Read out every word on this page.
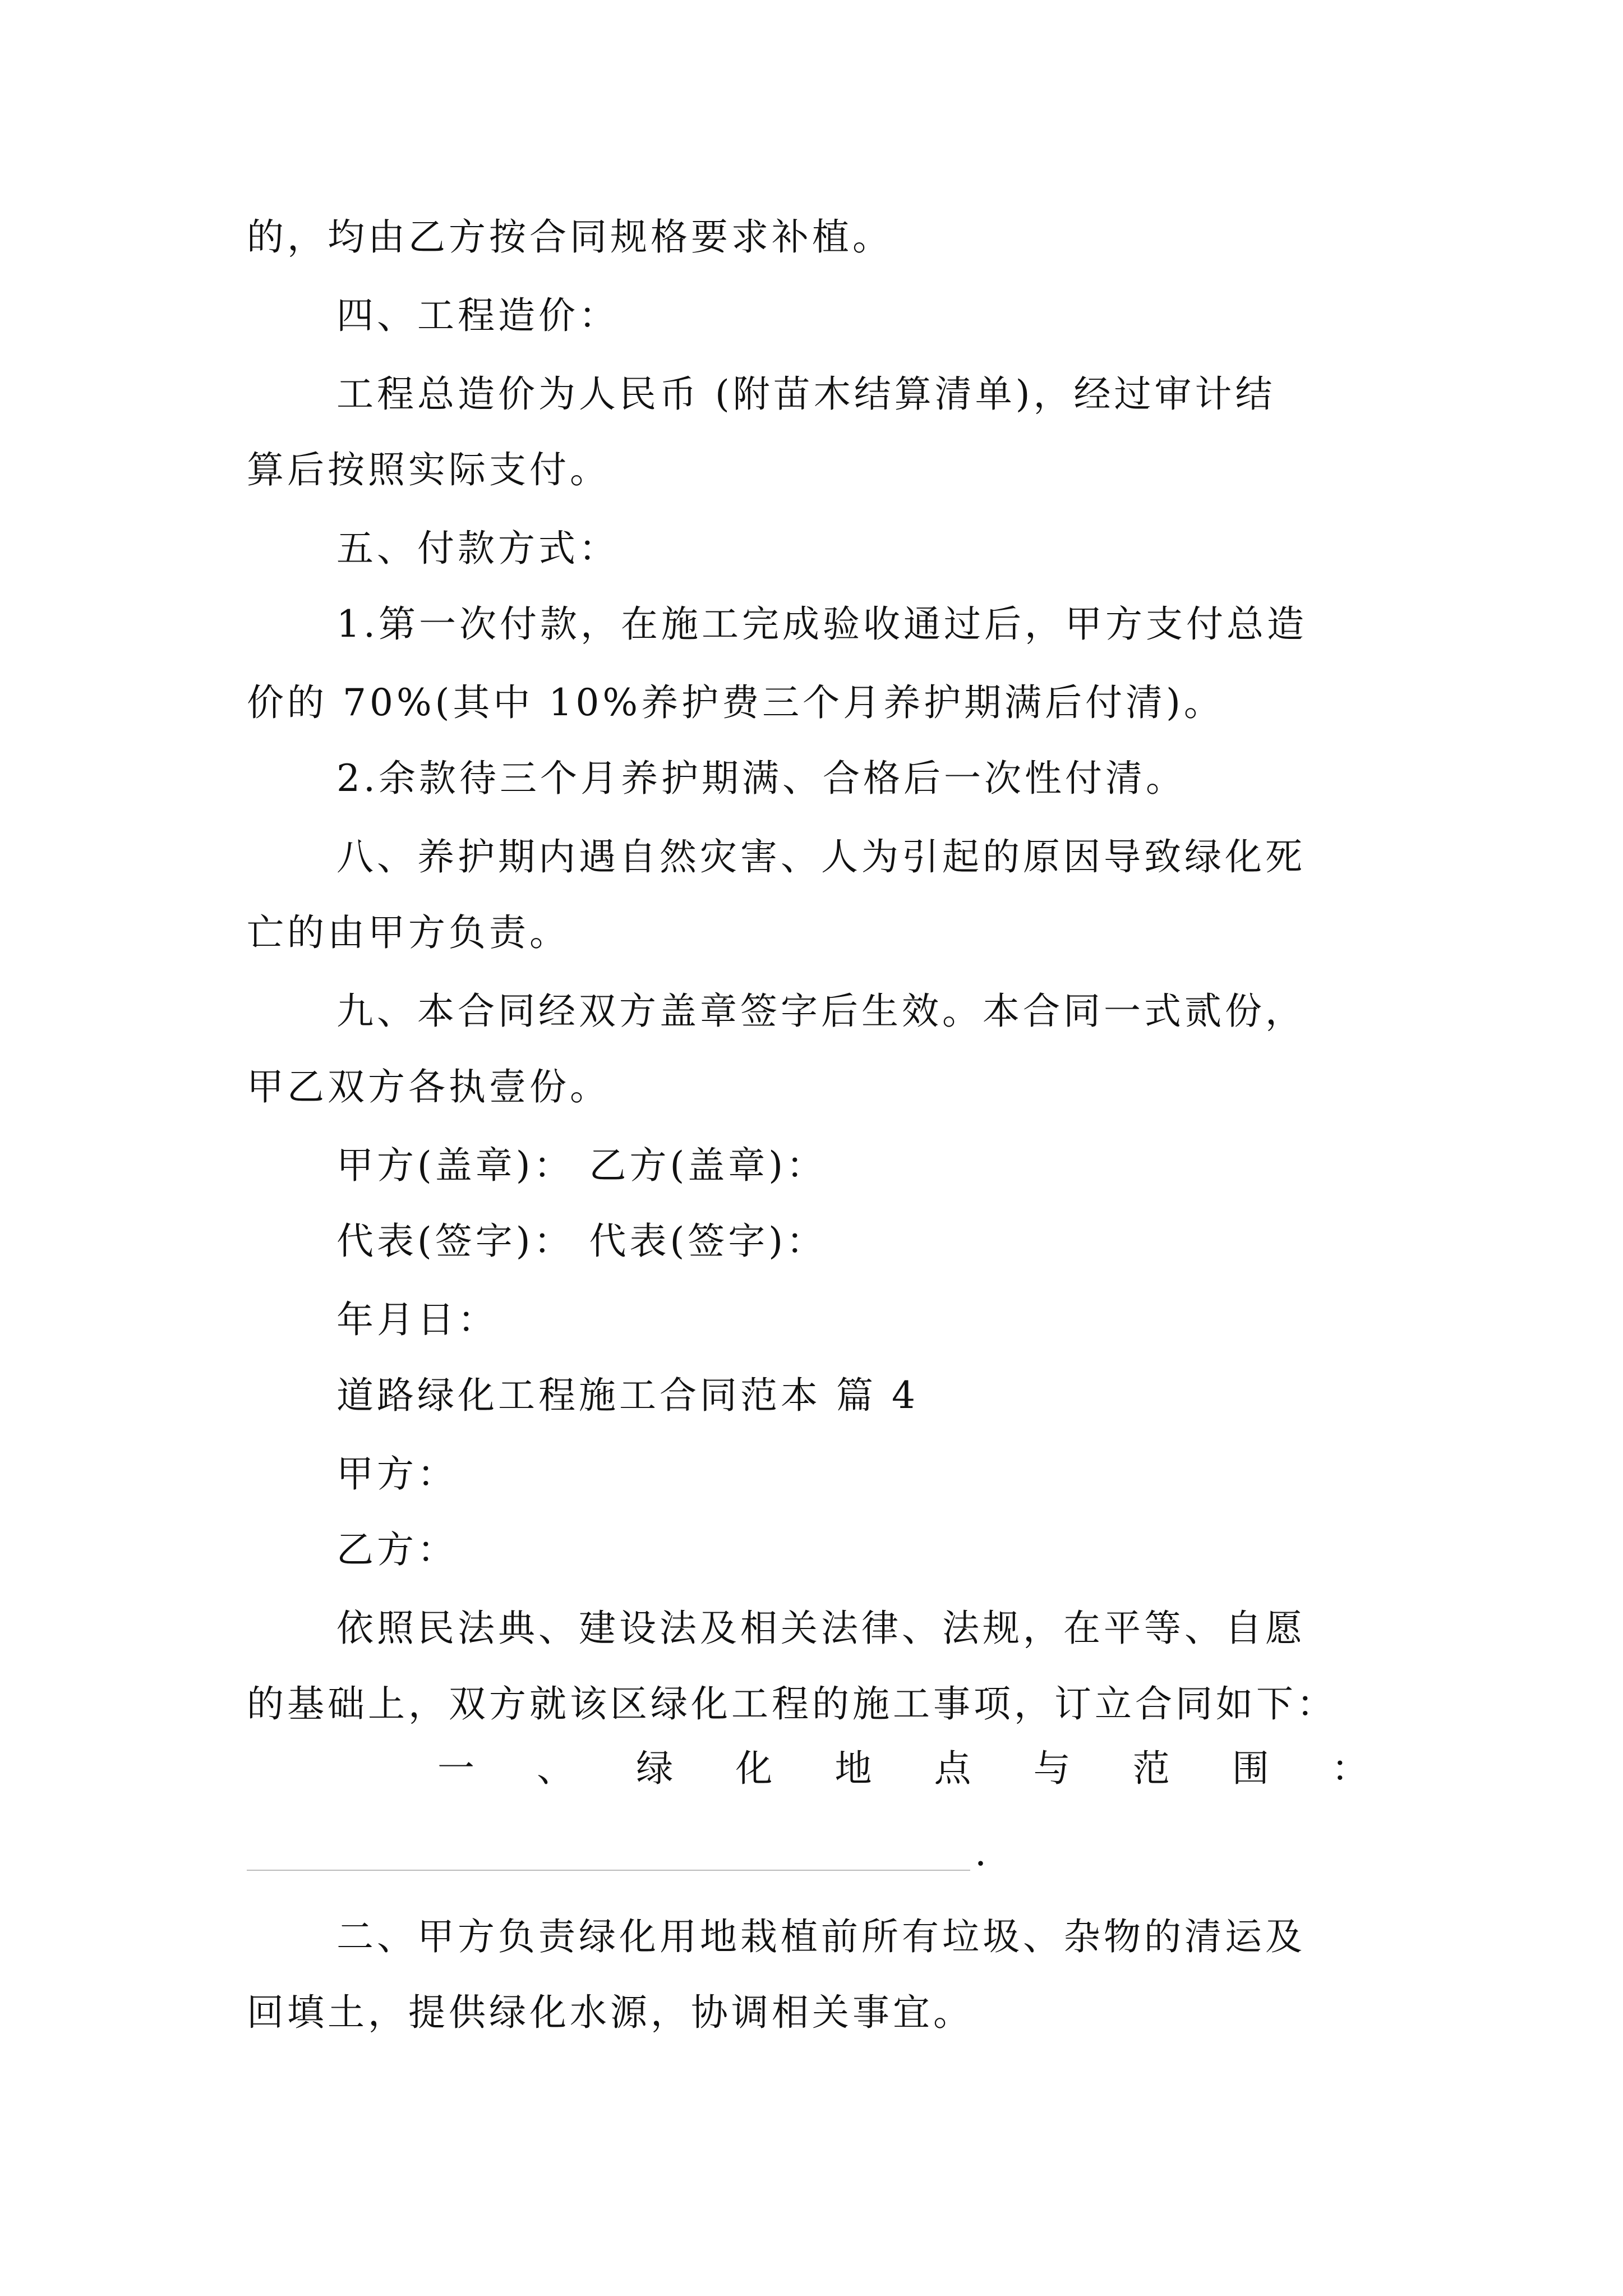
的，均由乙方按合同规格要求补植。
四、工程造价：
工程总造价为人民币 (附苗木结算清单)，经过审计结
算后按照实际支付。
五、付款方式：
1.第一次付款，在施工完成验收通过后，甲方支付总造
价的 70%(其中 10%养护费三个月养护期满后付清)。
2.余款待三个月养护期满、合格后一次性付清。
八、养护期内遇自然灾害、人为引起的原因导致绿化死
亡的由甲方负责。
九、本合同经双方盖章签字后生效。本合同一式贰份，
甲乙双方各执壹份。
甲方(盖章)： 乙方(盖章)：
代表(签字)： 代表(签字)：
年月日：
道路绿化工程施工合同范本 篇 4
甲方：
乙方：
依照民法典、建设法及相关法律、法规，在平等、自愿
的基础上，双方就该区绿化工程的施工事项，订立合同如下：
一 、 绿 化 地 点 与 范 围 ：
.
二、甲方负责绿化用地栽植前所有垃圾、杂物的清运及
回填土，提供绿化水源，协调相关事宜。
